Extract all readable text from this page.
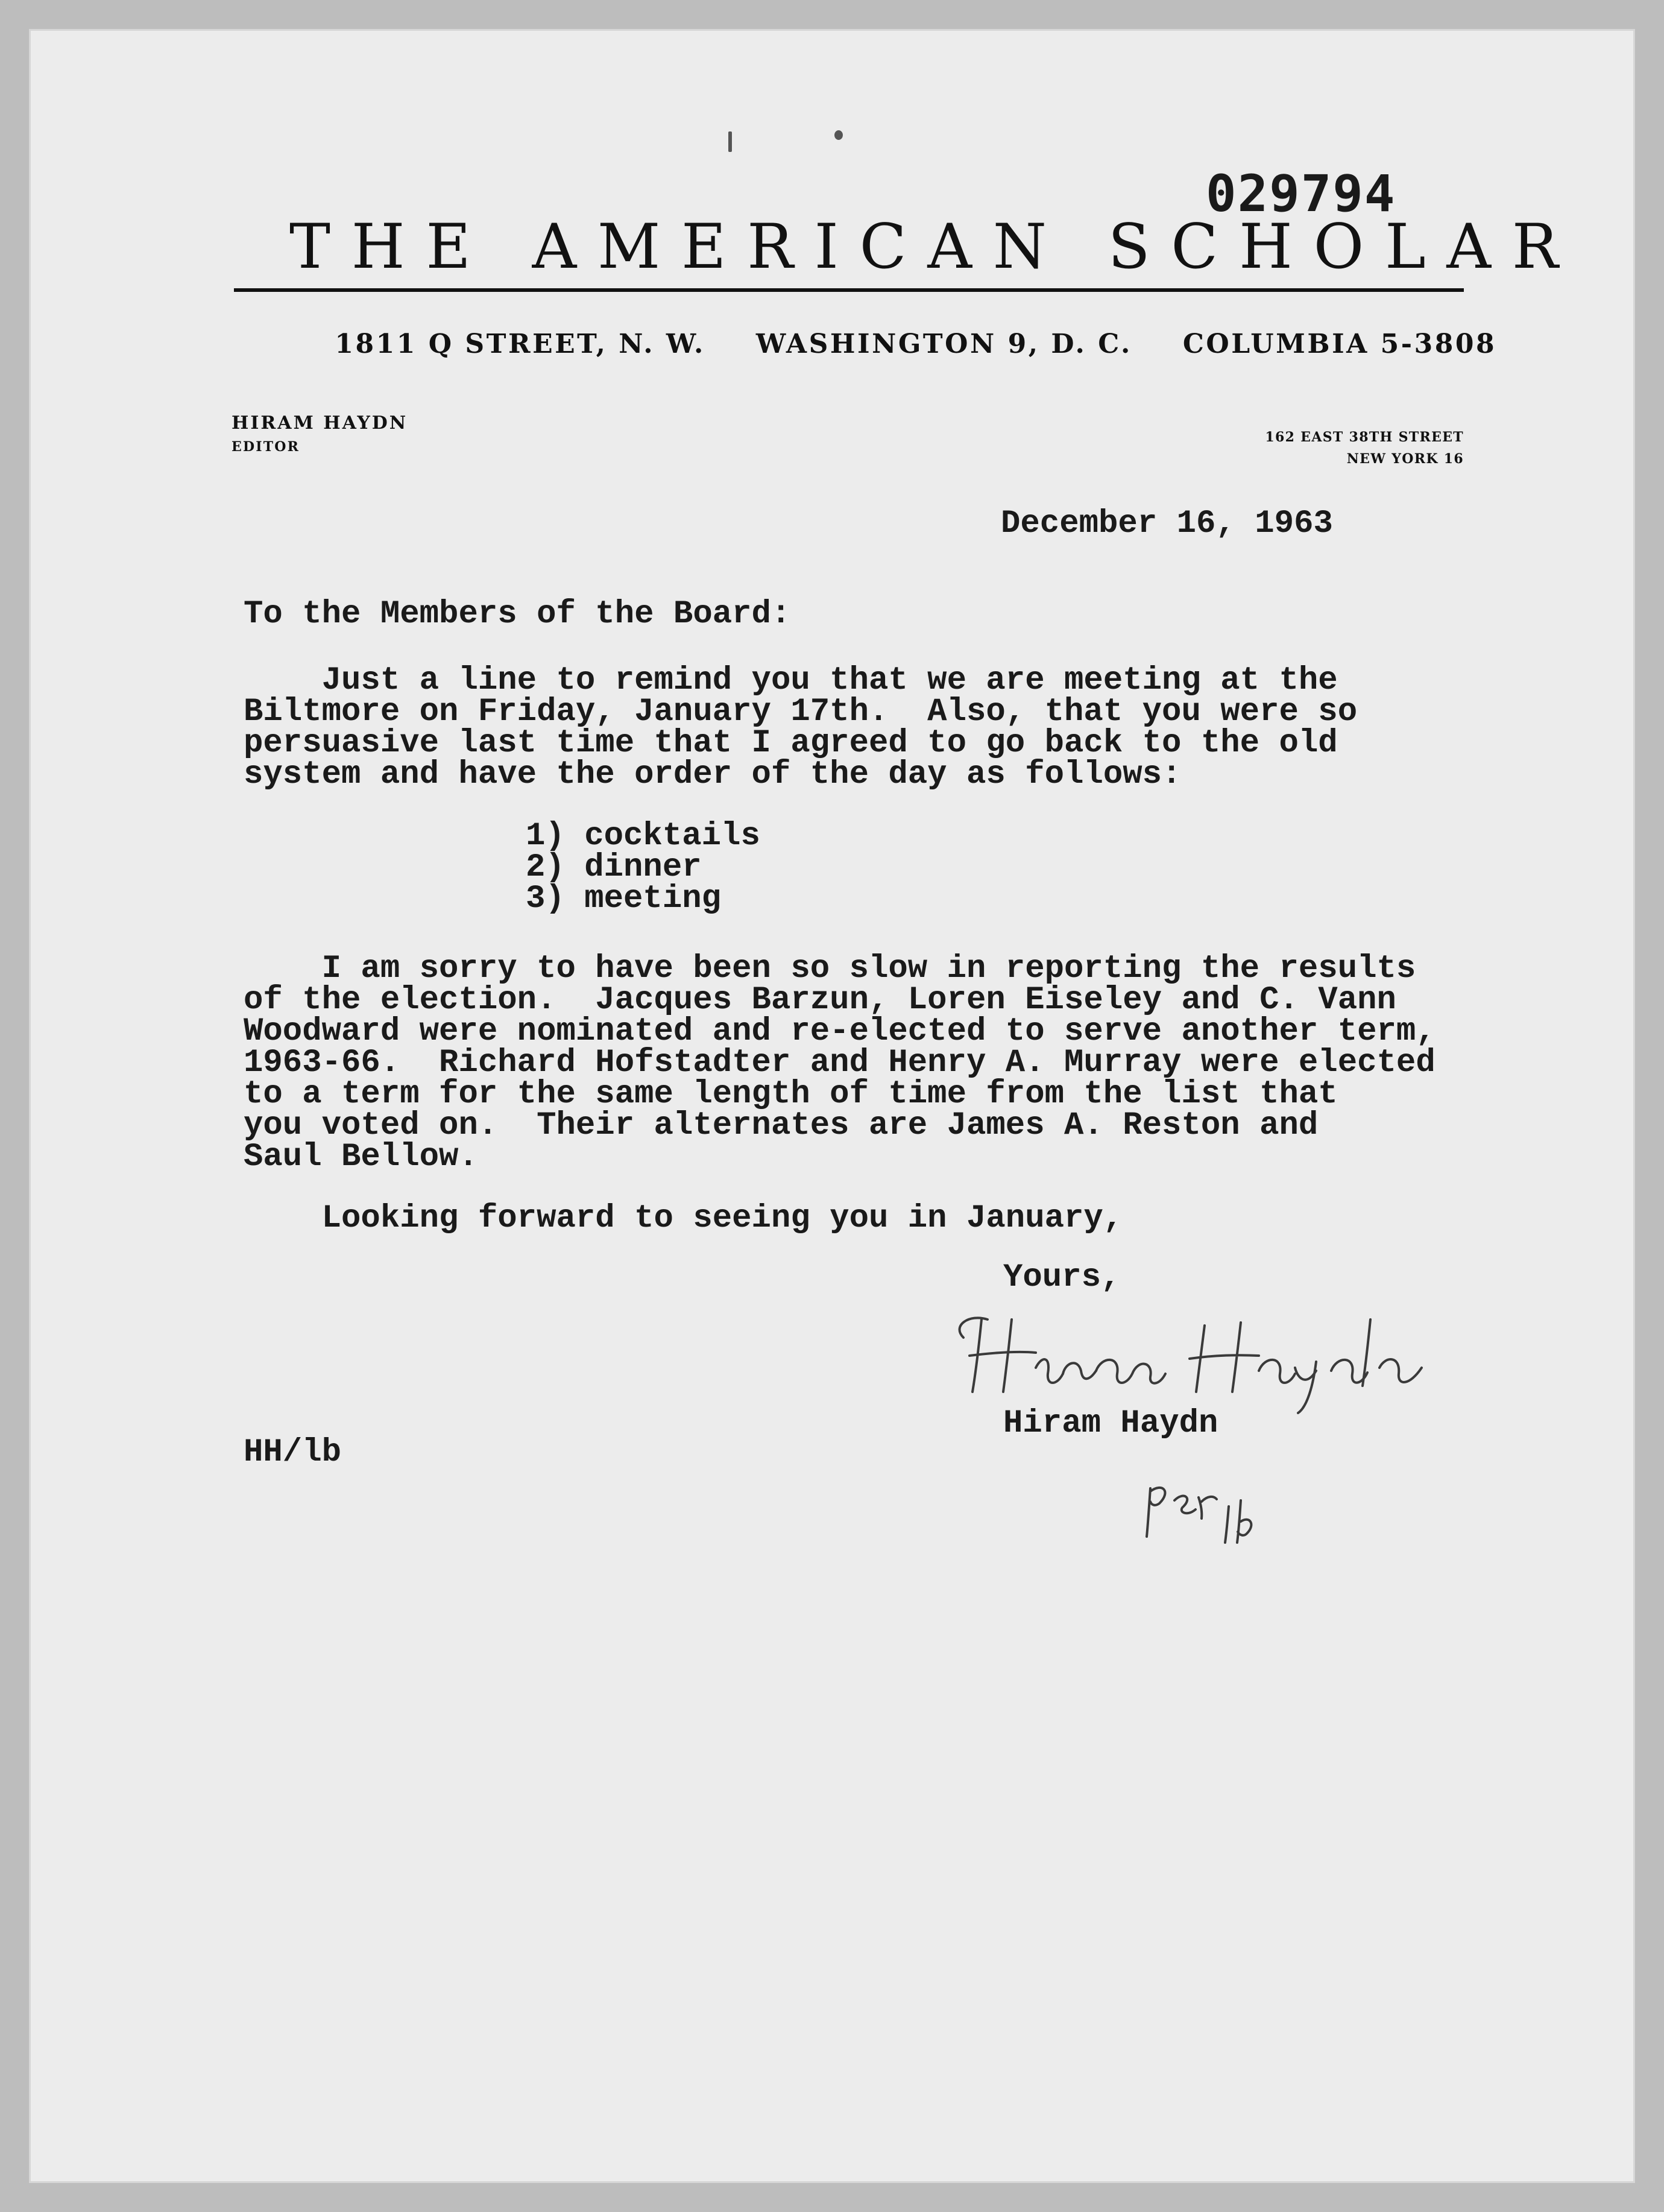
029794
THE AMERICAN SCHOLAR

1811 Q STREET, N. W. WASHINGTON 9, D. C. COLUMBIA 5-3808

HIRAM HAYDN
EDITOR
162 EAST 38TH STREET
NEW YORK 16
December 16, 1963
To the Members of the Board:
Just a line to remind you that we are meeting at the
Biltmore on Friday, January 17th.  Also, that you were so
persuasive last time that I agreed to go back to the old
system and have the order of the day as follows:
1) cocktails
2) dinner
3) meeting
I am sorry to have been so slow in reporting the results
of the election.  Jacques Barzun, Loren Eiseley and C. Vann
Woodward were nominated and re-elected to serve another term,
1963-66.  Richard Hofstadter and Henry A. Murray were elected
to a term for the same length of time from the list that
you voted on.  Their alternates are James A. Reston and
Saul Bellow.
Looking forward to seeing you in January,
Yours,
Hiram Haydn
HH/lb
